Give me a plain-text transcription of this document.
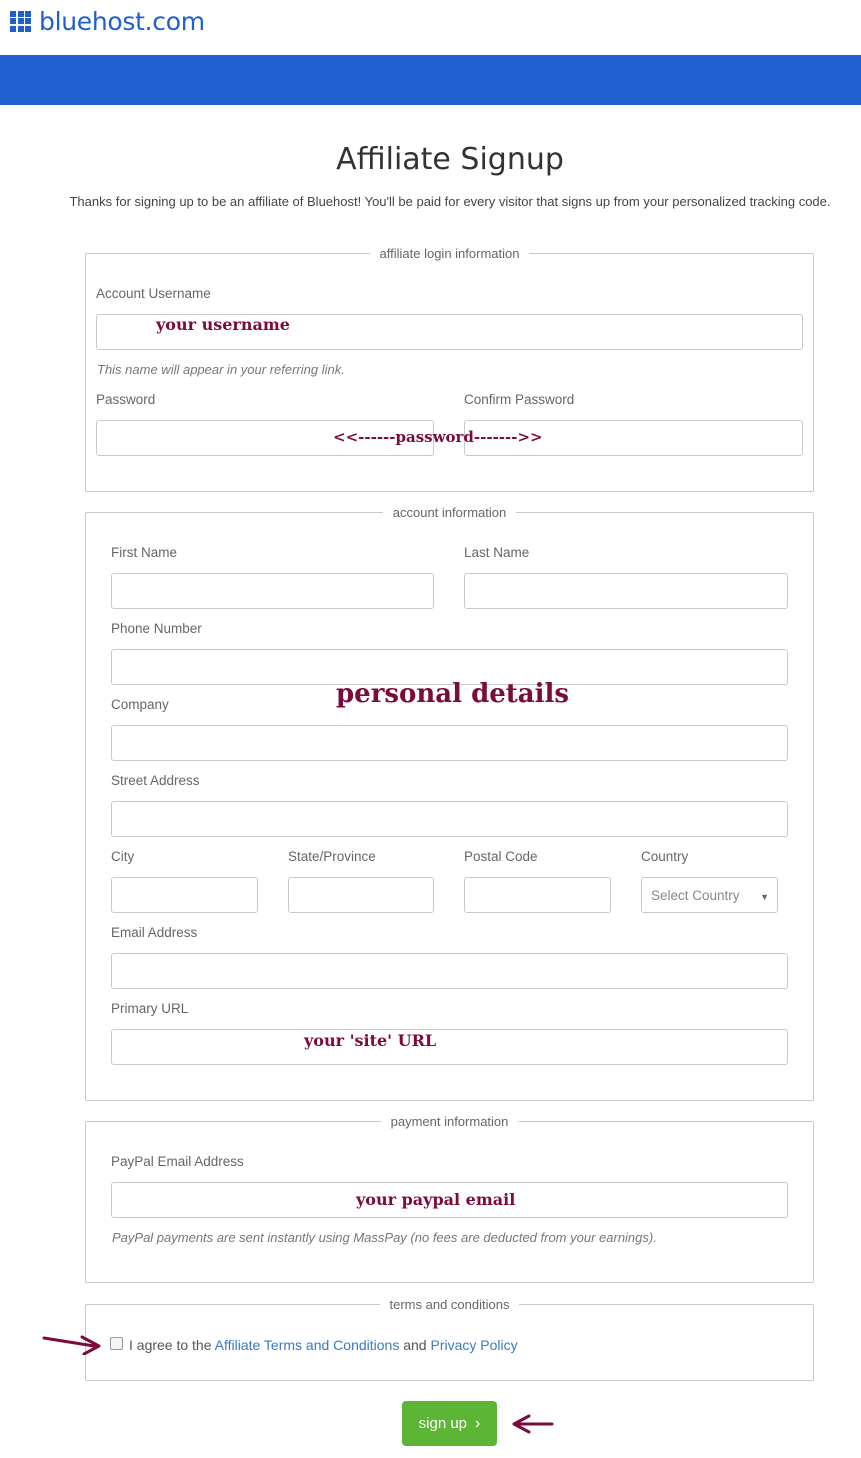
bluehost.com
Affiliate Signup

Thanks for signing up to be an affiliate of Bluehost! You'll be paid for every visitor that signs up from your personalized tracking code.

affiliate login information
Account Username
This name will appear in your referring link.
Password	Confirm Password
account information
First Name	Last Name
Phone Number
Company
Street Address
City	State/Province	Postal Code	Country
Select Country ▼
Email Address
Primary URL
payment information
PayPal Email Address
PayPal payments are sent instantly using MassPay (no fees are deducted from your earnings).
terms and conditions
I agree to the Affiliate Terms and Conditions and Privacy Policy
sign up ›
your username
<<------password------->>
personal details
your 'site' URL
your paypal email
